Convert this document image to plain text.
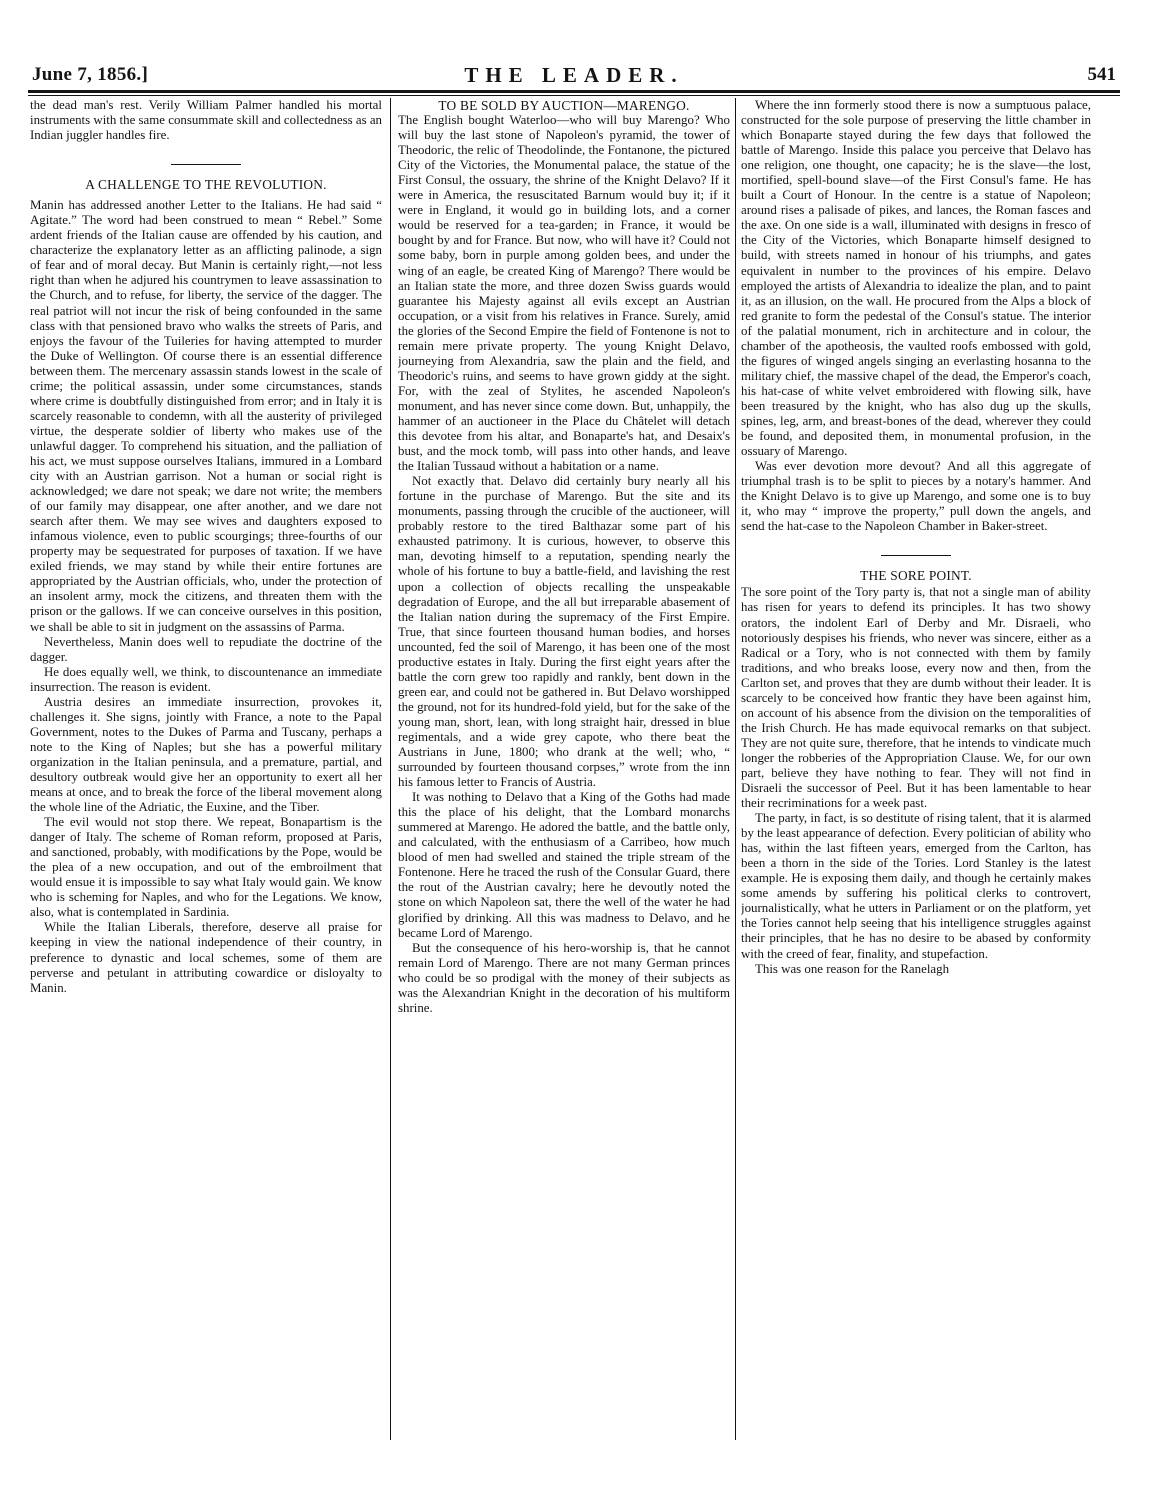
June 7, 1856.]	THE LEADER.	541

the dead man's rest. Verily William Palmer handled his mortal instruments with the same consummate skill and collectedness as an Indian juggler handles fire.

A CHALLENGE TO THE REVOLUTION.

Manin has addressed another Letter to the Italians. He had said “ Agitate.” The word had been construed to mean “ Rebel.” Some ardent friends of the Italian cause are offended by his caution, and characterize the explanatory letter as an afflicting palinode, a sign of fear and of moral decay. But Manin is certainly right,—not less right than when he adjured his countrymen to leave assassination to the Church, and to refuse, for liberty, the service of the dagger. The real patriot will not incur the risk of being confounded in the same class with that pensioned bravo who walks the streets of Paris, and enjoys the favour of the Tuileries for having attempted to murder the Duke of Wellington. Of course there is an essential difference between them. The mercenary assassin stands lowest in the scale of crime; the political assassin, under some circumstances, stands where crime is doubtfully distinguished from error; and in Italy it is scarcely reasonable to condemn, with all the austerity of privileged virtue, the desperate soldier of liberty who makes use of the unlawful dagger. To comprehend his situation, and the palliation of his act, we must suppose ourselves Italians, immured in a Lombard city with an Austrian garrison. Not a human or social right is acknowledged; we dare not speak; we dare not write; the members of our family may disappear, one after another, and we dare not search after them. We may see wives and daughters exposed to infamous violence, even to public scourgings; three-fourths of our property may be sequestrated for purposes of taxation. If we have exiled friends, we may stand by while their entire fortunes are appropriated by the Austrian officials, who, under the protection of an insolent army, mock the citizens, and threaten them with the prison or the gallows. If we can conceive ourselves in this position, we shall be able to sit in judgment on the assassins of Parma.

Nevertheless, Manin does well to repudiate the doctrine of the dagger.

He does equally well, we think, to discountenance an immediate insurrection. The reason is evident.

Austria desires an immediate insurrection, provokes it, challenges it. She signs, jointly with France, a note to the Papal Government, notes to the Dukes of Parma and Tuscany, perhaps a note to the King of Naples; but she has a powerful military organization in the Italian peninsula, and a premature, partial, and desultory outbreak would give her an opportunity to exert all her means at once, and to break the force of the liberal movement along the whole line of the Adriatic, the Euxine, and the Tiber.

The evil would not stop there. We repeat, Bonapartism is the danger of Italy. The scheme of Roman reform, proposed at Paris, and sanctioned, probably, with modifications by the Pope, would be the plea of a new occupation, and out of the embroilment that would ensue it is impossible to say what Italy would gain. We know who is scheming for Naples, and who for the Legations. We know, also, what is contemplated in Sardinia.

While the Italian Liberals, therefore, deserve all praise for keeping in view the national independence of their country, in preference to dynastic and local schemes, some of them are perverse and petulant in attributing cowardice or disloyalty to Manin.

TO BE SOLD BY AUCTION—MARENGO.

The English bought Waterloo—who will buy Marengo? Who will buy the last stone of Napoleon's pyramid, the tower of Theodoric, the relic of Theodolinde, the Fontanone, the pictured City of the Victories, the Monumental palace, the statue of the First Consul, the ossuary, the shrine of the Knight Delavo? If it were in America, the resuscitated Barnum would buy it; if it were in England, it would go in building lots, and a corner would be reserved for a tea-garden; in France, it would be bought by and for France. But now, who will have it? Could not some baby, born in purple among golden bees, and under the wing of an eagle, be created King of Marengo? There would be an Italian state the more, and three dozen Swiss guards would guarantee his Majesty against all evils except an Austrian occupation, or a visit from his relatives in France. Surely, amid the glories of the Second Empire the field of Fontenone is not to remain mere private property. The young Knight Delavo, journeying from Alexandria, saw the plain and the field, and Theodoric's ruins, and seems to have grown giddy at the sight. For, with the zeal of Stylites, he ascended Napoleon's monument, and has never since come down. But, unhappily, the hammer of an auctioneer in the Place du Châtelet will detach this devotee from his altar, and Bonaparte's hat, and Desaix's bust, and the mock tomb, will pass into other hands, and leave the Italian Tussaud without a habitation or a name.

Not exactly that. Delavo did certainly bury nearly all his fortune in the purchase of Marengo. But the site and its monuments, passing through the crucible of the auctioneer, will probably restore to the tired Balthazar some part of his exhausted patrimony. It is curious, however, to observe this man, devoting himself to a reputation, spending nearly the whole of his fortune to buy a battle-field, and lavishing the rest upon a collection of objects recalling the unspeakable degradation of Europe, and the all but irreparable abasement of the Italian nation during the supremacy of the First Empire. True, that since fourteen thousand human bodies, and horses uncounted, fed the soil of Marengo, it has been one of the most productive estates in Italy. During the first eight years after the battle the corn grew too rapidly and rankly, bent down in the green ear, and could not be gathered in. But Delavo worshipped the ground, not for its hundred-fold yield, but for the sake of the young man, short, lean, with long straight hair, dressed in blue regimentals, and a wide grey capote, who there beat the Austrians in June, 1800; who drank at the well; who, “ surrounded by fourteen thousand corpses,” wrote from the inn his famous letter to Francis of Austria.

It was nothing to Delavo that a King of the Goths had made this the place of his delight, that the Lombard monarchs summered at Marengo. He adored the battle, and the battle only, and calculated, with the enthusiasm of a Carribeo, how much blood of men had swelled and stained the triple stream of the Fontenone. Here he traced the rush of the Consular Guard, there the rout of the Austrian cavalry; here he devoutly noted the stone on which Napoleon sat, there the well of the water he had glorified by drinking. All this was madness to Delavo, and he became Lord of Marengo.

But the consequence of his hero-worship is, that he cannot remain Lord of Marengo. There are not many German princes who could be so prodigal with the money of their subjects as was the Alexandrian Knight in the decoration of his multiform shrine.

Where the inn formerly stood there is now a sumptuous palace, constructed for the sole purpose of preserving the little chamber in which Bonaparte stayed during the few days that followed the battle of Marengo. Inside this palace you perceive that Delavo has one religion, one thought, one capacity; he is the slave—the lost, mortified, spell-bound slave—of the First Consul's fame. He has built a Court of Honour. In the centre is a statue of Napoleon; around rises a palisade of pikes, and lances, the Roman fasces and the axe. On one side is a wall, illuminated with designs in fresco of the City of the Victories, which Bonaparte himself designed to build, with streets named in honour of his triumphs, and gates equivalent in number to the provinces of his empire. Delavo employed the artists of Alexandria to idealize the plan, and to paint it, as an illusion, on the wall. He procured from the Alps a block of red granite to form the pedestal of the Consul's statue. The interior of the palatial monument, rich in architecture and in colour, the chamber of the apotheosis, the vaulted roofs embossed with gold, the figures of winged angels singing an everlasting hosanna to the military chief, the massive chapel of the dead, the Emperor's coach, his hat-case of white velvet embroidered with flowing silk, have been treasured by the knight, who has also dug up the skulls, spines, leg, arm, and breast-bones of the dead, wherever they could be found, and deposited them, in monumental profusion, in the ossuary of Marengo.

Was ever devotion more devout? And all this aggregate of triumphal trash is to be split to pieces by a notary's hammer. And the Knight Delavo is to give up Marengo, and some one is to buy it, who may “ improve the property,” pull down the angels, and send the hat-case to the Napoleon Chamber in Baker-street.

THE SORE POINT.

The sore point of the Tory party is, that not a single man of ability has risen for years to defend its principles. It has two showy orators, the indolent Earl of Derby and Mr. Disraeli, who notoriously despises his friends, who never was sincere, either as a Radical or a Tory, who is not connected with them by family traditions, and who breaks loose, every now and then, from the Carlton set, and proves that they are dumb without their leader. It is scarcely to be conceived how frantic they have been against him, on account of his absence from the division on the temporalities of the Irish Church. He has made equivocal remarks on that subject. They are not quite sure, therefore, that he intends to vindicate much longer the robberies of the Appropriation Clause. We, for our own part, believe they have nothing to fear. They will not find in Disraeli the successor of Peel. But it has been lamentable to hear their recriminations for a week past.

The party, in fact, is so destitute of rising talent, that it is alarmed by the least appearance of defection. Every politician of ability who has, within the last fifteen years, emerged from the Carlton, has been a thorn in the side of the Tories. Lord Stanley is the latest example. He is exposing them daily, and though he certainly makes some amends by suffering his political clerks to controvert, journalistically, what he utters in Parliament or on the platform, yet the Tories cannot help seeing that his intelligence struggles against their principles, that he has no desire to be abased by conformity with the creed of fear, finality, and stupefaction.

This was one reason for the Ranelagh
